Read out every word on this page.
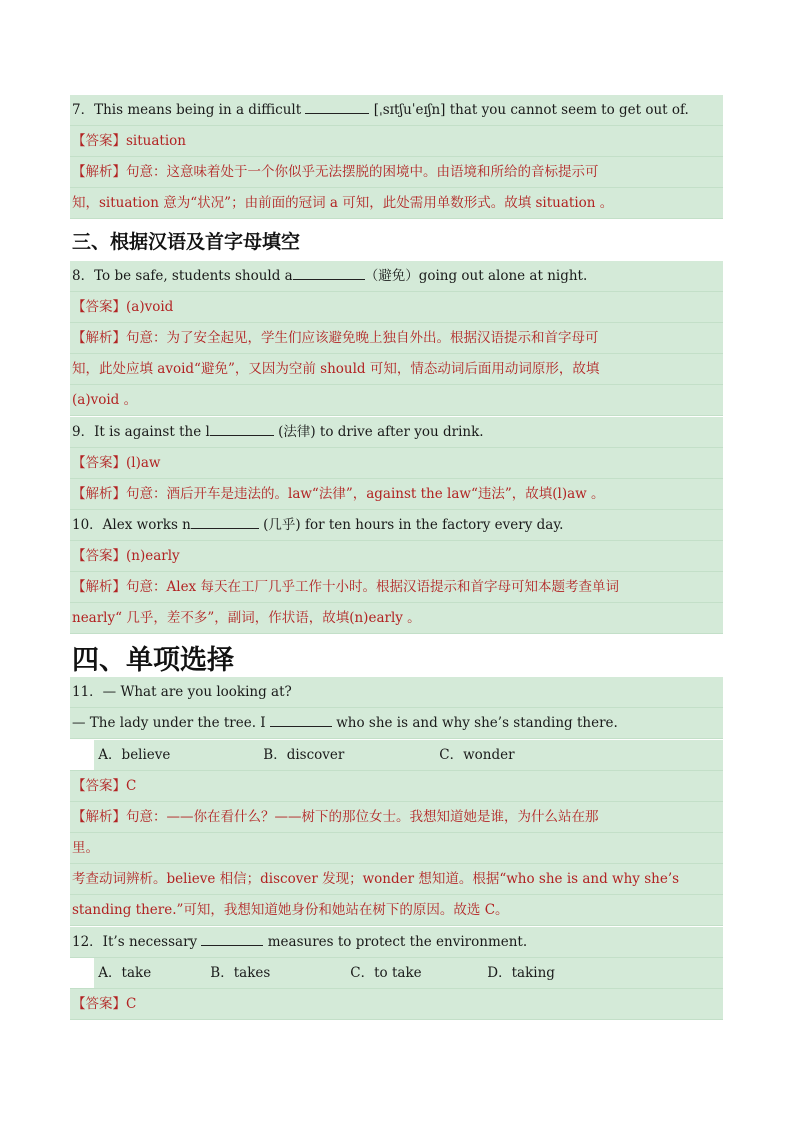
7．This means being in a difficult	[ˌsɪtʃuˈeɪʃn] that you cannot seem to get out of.
【答案】situation
【解析】句意：这意味着处于一个你似乎无法摆脱的困境中。由语境和所给的音标提示可
知，situation 意为“状况”；由前面的冠词 a 可知，此处需用单数形式。故填 situation 。
三、根据汉语及首字母填空
8．To be safe, students should a	（避免）going out alone at night.
【答案】(a)void
【解析】句意：为了安全起见，学生们应该避免晚上独自外出。根据汉语提示和首字母可
知，此处应填 avoid“避免”，又因为空前 should 可知，情态动词后面用动词原形，故填
(a)void 。
9．It is against the l	(法律) to drive after you drink.
【答案】(l)aw
【解析】句意：酒后开车是违法的。law“法律”，against the law“违法”，故填(l)aw 。
10．Alex works n	(几乎) for ten hours in the factory every day.
【答案】(n)early
【解析】句意：Alex 每天在工厂几乎工作十小时。根据汉语提示和首字母可知本题考查单词
nearly“ 几乎，差不多”，副词，作状语，故填(n)early 。
四、单项选择
11．— What are you looking at?
— The lady under the tree. I	who she is and why she’s standing there.
A．believe	B．discover	C．wonder
【答案】C
【解析】句意：——你在看什么？——树下的那位女士。我想知道她是谁，为什么站在那
里。
考查动词辨析。believe 相信；discover 发现；wonder 想知道。根据“who she is and why she’s
standing there.”可知，我想知道她身份和她站在树下的原因。故选 C。
12．It’s necessary	measures to protect the environment.
A．take	B．takes	C．to take	D．taking
【答案】C
